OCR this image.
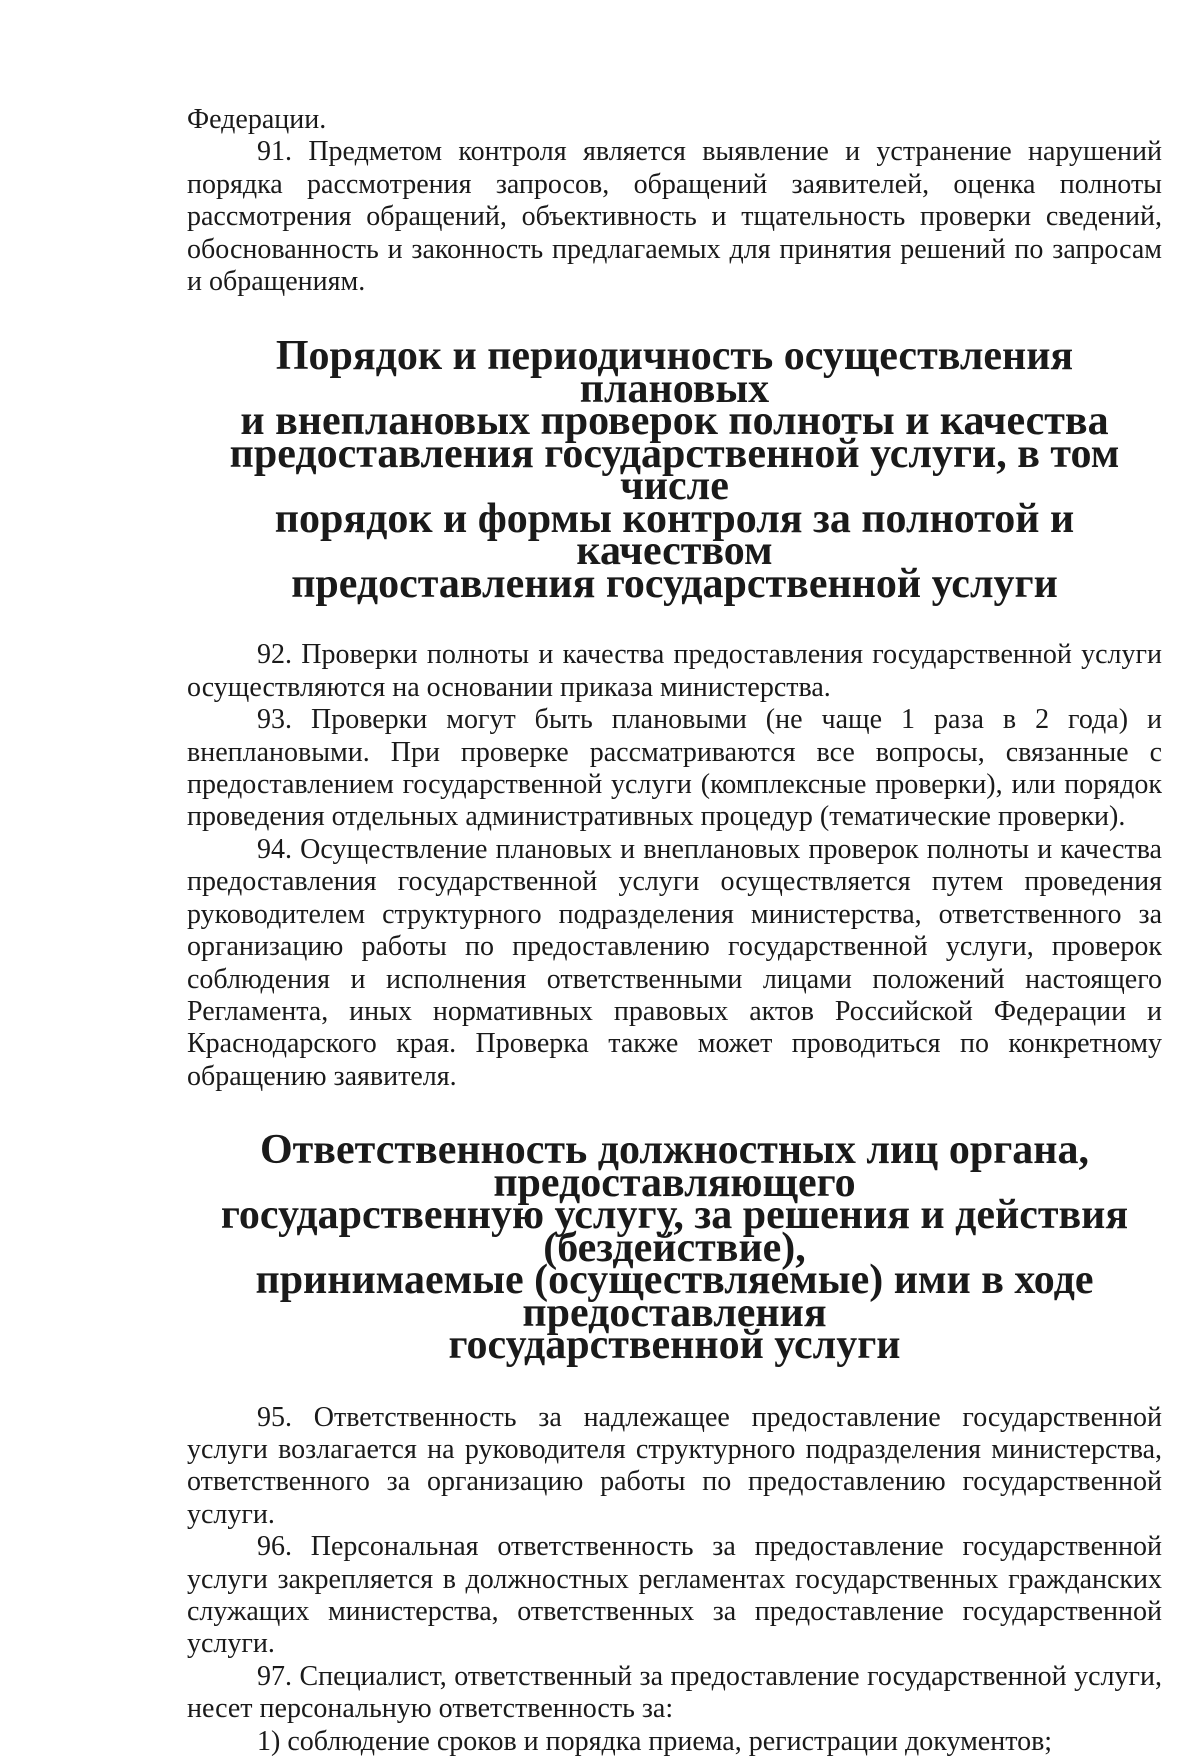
Федерации.

91. Предметом контроля является выявление и устранение нарушений порядка рассмотрения запросов, обращений заявителей, оценка полноты рассмотрения обращений, объективность и тщательность проверки сведений, обоснованность и законность предлагаемых для принятия решений по запросам и обращениям.

Порядок и периодичность осуществления плановых
и внеплановых проверок полноты и качества
предоставления государственной услуги, в том числе
порядок и формы контроля за полнотой и качеством
предоставления государственной услуги

92. Проверки полноты и качества предоставления государственной услуги осуществляются на основании приказа министерства.

93. Проверки могут быть плановыми (не чаще 1 раза в 2 года) и внеплановыми. При проверке рассматриваются все вопросы, связанные с предоставлением государственной услуги (комплексные проверки), или порядок проведения отдельных административных процедур (тематические проверки).

94. Осуществление плановых и внеплановых проверок полноты и качества предоставления государственной услуги осуществляется путем проведения руководителем структурного подразделения министерства, ответственного за организацию работы по предоставлению государственной услуги, проверок соблюдения и исполнения ответственными лицами положений настоящего Регламента, иных нормативных правовых актов Российской Федерации и Краснодарского края. Проверка также может проводиться по конкретному обращению заявителя.

Ответственность должностных лиц органа, предоставляющего
государственную услугу, за решения и действия (бездействие),
принимаемые (осуществляемые) ими в ходе предоставления
государственной услуги

95. Ответственность за надлежащее предоставление государственной услуги возлагается на руководителя структурного подразделения министерства, ответственного за организацию работы по предоставлению государственной услуги.

96. Персональная ответственность за предоставление государственной услуги закрепляется в должностных регламентах государственных гражданских служащих министерства, ответственных за предоставление государственной услуги.

97. Специалист, ответственный за предоставление государственной услуги, несет персональную ответственность за:

1) соблюдение сроков и порядка приема, регистрации документов;
